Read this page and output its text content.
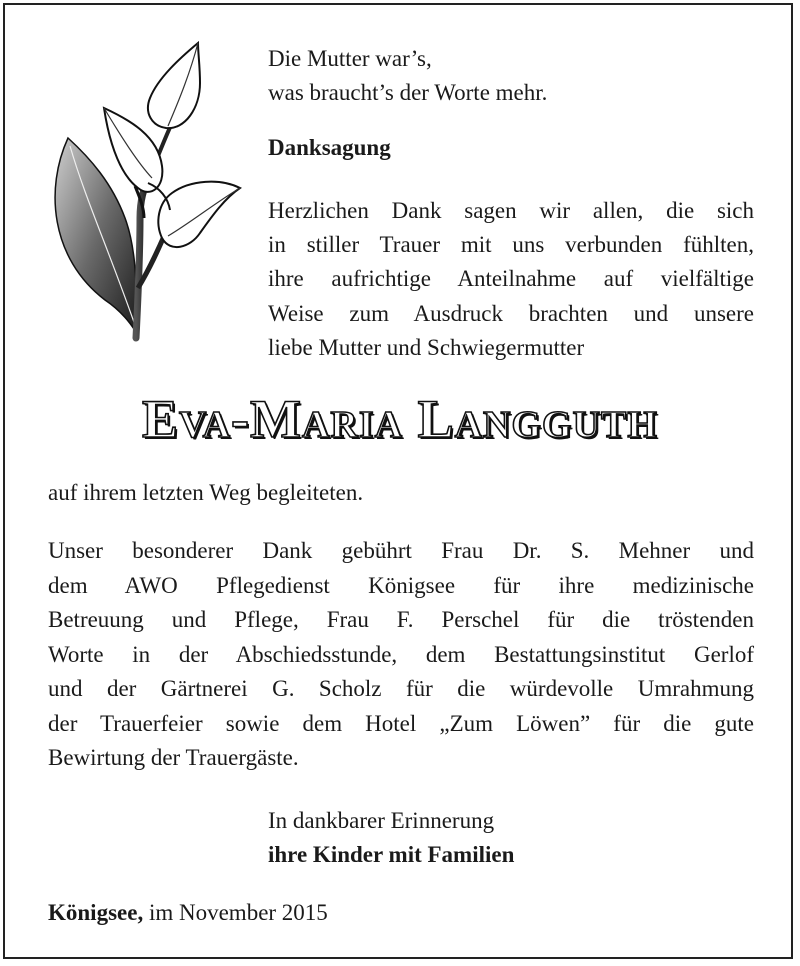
Die Mutter war’s,
was braucht’s der Worte mehr.
Danksagung
Herzlichen Dank sagen wir allen, die sich
in stiller Trauer mit uns verbunden fühlten,
ihre aufrichtige Anteilnahme auf vielfältige
Weise zum Ausdruck brachten und unsere
liebe Mutter und Schwiegermutter
Eva-Maria Langguth
auf ihrem letzten Weg begleiteten.
Unser besonderer Dank gebührt Frau Dr. S. Mehner und
dem AWO Pflegedienst Königsee für ihre medizinische
Betreuung und Pflege, Frau F. Perschel für die tröstenden
Worte in der Abschiedsstunde, dem Bestattungsinstitut Gerlof
und der Gärtnerei G. Scholz für die würdevolle Umrahmung
der Trauerfeier sowie dem Hotel „Zum Löwen” für die gute
Bewirtung der Trauergäste.
In dankbarer Erinnerung
ihre Kinder mit Familien
Königsee, im November 2015
